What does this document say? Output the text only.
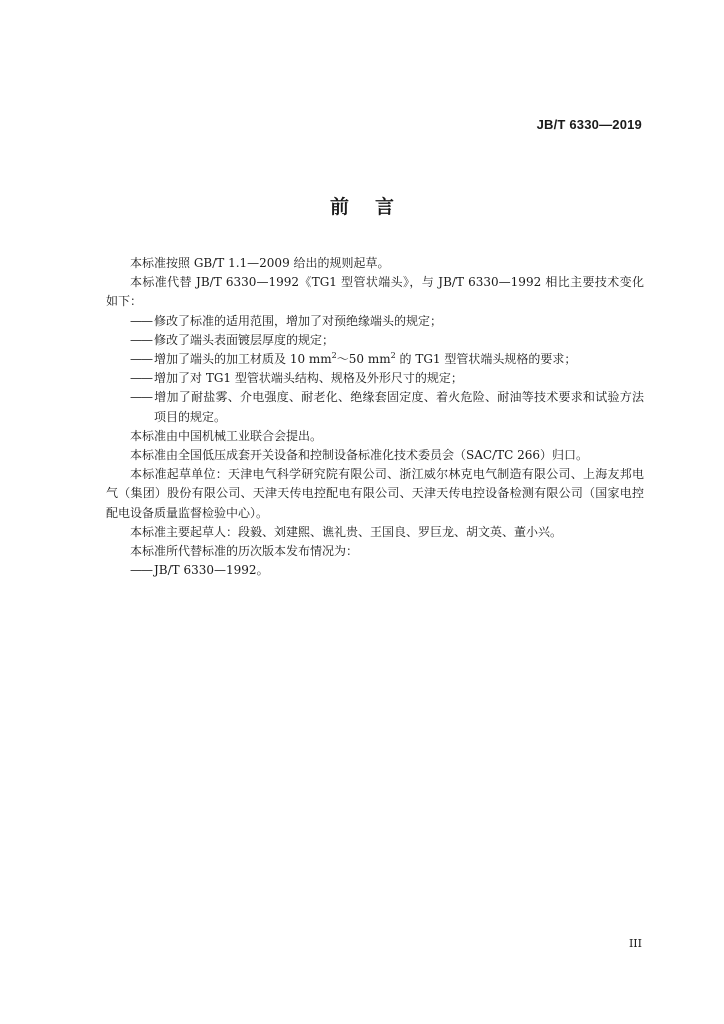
JB/T 6330—2019
前言

本标准按照 GB/T 1.1—2009 给出的规则起草。

本标准代替 JB/T 6330—1992《TG1 型管状端头》，与 JB/T 6330—1992 相比主要技术变化如下：

—— 修改了标准的适用范围，增加了对预绝缘端头的规定；

—— 修改了端头表面镀层厚度的规定；

—— 增加了端头的加工材质及 10 $mm^2\sim 50$ $mm^2$ 的 TG1 型管状端头规格的要求；

—— 增加了对 TG1 型管状端头结构、规格及外形尺寸的规定；

—— 增加了耐盐雾、介电强度、耐老化、绝缘套固定度、着火危险、耐油等技术要求和试验方法项目的规定。

本标准由中国机械工业联合会提出。

本标准由全国低压成套开关设备和控制设备标准化技术委员会（SAC/TC 266）归口。

本标准起草单位：天津电气科学研究院有限公司、浙江威尔林克电气制造有限公司、上海友邦电气（集团）股份有限公司、天津天传电控配电有限公司、天津天传电控设备检测有限公司（国家电控配电设备质量监督检验中心）。

本标准主要起草人：段毅、刘建熙、谯礼贵、王国良、罗巨龙、胡文英、董小兴。

本标准所代替标准的历次版本发布情况为：

—— JB/T 6330—1992。

III
